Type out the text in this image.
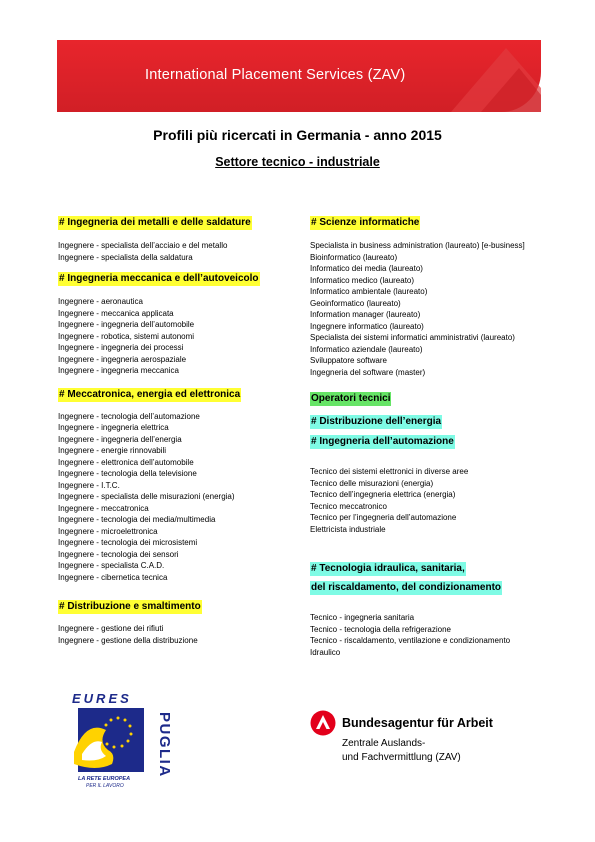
International Placement Services (ZAV)
Profili più ricercati in Germania - anno 2015
Settore tecnico - industriale
# Ingegneria dei metalli e delle saldature
Ingegnere - specialista dell’acciaio e del metallo
Ingegnere - specialista della saldatura
# Ingegneria meccanica e dell’autoveicolo
Ingegnere - aeronautica
Ingegnere - meccanica applicata
Ingegnere - ingegneria dell’automobile
Ingegnere - robotica, sistemi autonomi
Ingegnere - ingegneria dei processi
Ingegnere - ingegneria aerospaziale
Ingegnere - ingegneria meccanica
# Meccatronica, energia ed elettronica
Ingegnere - tecnologia dell’automazione
Ingegnere - ingegneria elettrica
Ingegnere - ingegneria dell’energia
Ingegnere - energie rinnovabili
Ingegnere - elettronica dell’automobile
Ingegnere - tecnologia della televisione
Ingegnere - I.T.C.
Ingegnere - specialista delle misurazioni (energia)
Ingegnere - meccatronica
Ingegnere - tecnologia dei media/multimedia
Ingegnere - microelettronica
Ingegnere - tecnologia dei microsistemi
Ingegnere - tecnologia dei sensori
Ingegnere - specialista C.A.D.
Ingegnere - cibernetica tecnica
# Distribuzione e smaltimento
Ingegnere - gestione dei rifiuti
Ingegnere - gestione della distribuzione
# Scienze informatiche
Specialista in business administration (laureato) [e-business]
Bioinformatico (laureato)
Informatico dei media (laureato)
Informatico medico (laureato)
Informatico ambientale (laureato)
Geoinformatico (laureato)
Information manager (laureato)
Ingegnere informatico (laureato)
Specialista dei sistemi informatici amministrativi (laureato)
Informatico aziendale (laureato)
Sviluppatore software
Ingegneria del software (master)
Operatori tecnici
# Distribuzione dell’energia
# Ingegneria dell’automazione
Tecnico dei sistemi elettronici in diverse aree
Tecnico delle misurazioni (energia)
Tecnico dell’ingegneria elettrica (energia)
Tecnico meccatronico
Tecnico per l’ingegneria dell’automazione
Elettricista industriale
# Tecnologia idraulica, sanitaria,
del riscaldamento, del condizionamento
Tecnico - ingegneria sanitaria
Tecnico - tecnologia della refrigerazione
Tecnico - riscaldamento, ventilazione e condizionamento
Idraulico
EURES
LA RETE EUROPEA
PER IL LAVORO
PUGLIA	Bundesagentur für Arbeit
Zentrale Auslands-
und Fachvermittlung (ZAV)
